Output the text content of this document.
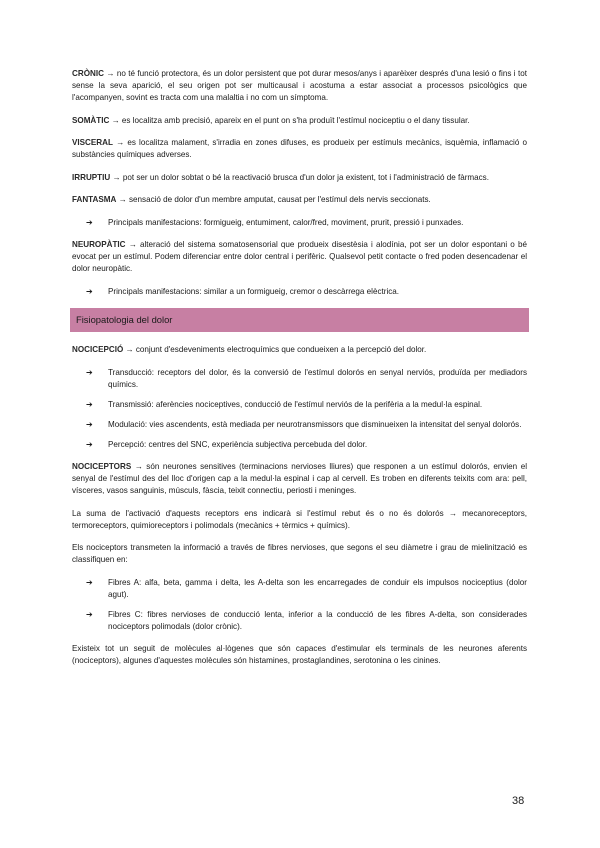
CRÒNIC → no té funció protectora, és un dolor persistent que pot durar mesos/anys i aparèixer després d'una lesió o fins i tot sense la seva aparició, el seu origen pot ser multicausal i acostuma a estar associat a processos psicològics que l'acompanyen, sovint es tracta com una malaltia i no com un símptoma.

SOMÀTIC → es localitza amb precisió, apareix en el punt on s'ha produït l'estímul nociceptiu o el dany tissular.

VISCERAL → es localitza malament, s'irradia en zones difuses, es produeix per estímuls mecànics, isquèmia, inflamació o substàncies químiques adverses.

IRRUPTIU → pot ser un dolor sobtat o bé la reactivació brusca d'un dolor ja existent, tot i l'administració de fàrmacs.

FANTASMA → sensació de dolor d'un membre amputat, causat per l'estímul dels nervis seccionats.

➔ Principals manifestacions: formigueig, entumiment, calor/fred, moviment, prurit, pressió i punxades.

NEUROPÀTIC → alteració del sistema somatosensorial que produeix disestèsia i alodínia, pot ser un dolor espontani o bé evocat per un estímul. Podem diferenciar entre dolor central i perifèric. Qualsevol petit contacte o fred poden desencadenar el dolor neuropàtic.

➔ Principals manifestacions: similar a un formigueig, cremor o descàrrega elèctrica.
Fisiopatologia del dolor

NOCICEPCIÓ → conjunt d'esdeveniments electroquímics que condueixen a la percepció del dolor.

➔ Transducció: receptors del dolor, és la conversió de l'estímul dolorós en senyal nerviós, produïda per mediadors químics.
➔ Transmissió: aferències nociceptives, conducció de l'estímul nerviós de la perifèria a la medul·la espinal.
➔ Modulació: vies ascendents, està mediada per neurotransmissors que disminueixen la intensitat del senyal dolorós.
➔ Percepció: centres del SNC, experiència subjectiva percebuda del dolor.

NOCICEPTORS → són neurones sensitives (terminacions nervioses lliures) que responen a un estímul dolorós, envien el senyal de l'estímul des del lloc d'origen cap a la medul·la espinal i cap al cervell. Es troben en diferents teixits com ara: pell, vísceres, vasos sanguinis, músculs, fàscia, teixit connectiu, periosti i meninges.

La suma de l'activació d'aquests receptors ens indicarà si l'estímul rebut és o no és dolorós → mecanoreceptors, termoreceptors, quimioreceptors i polimodals (mecànics + tèrmics + químics).

Els nociceptors transmeten la informació a través de fibres nervioses, que segons el seu diàmetre i grau de mielinització es classifiquen en:

➔ Fibres A: alfa, beta, gamma i delta, les A-delta son les encarregades de conduir els impulsos nociceptius (dolor agut).
➔ Fibres C: fibres nervioses de conducció lenta, inferior a la conducció de les fibres A-delta, son considerades nociceptors polimodals (dolor crònic).

Existeix tot un seguit de molècules al·lògenes que són capaces d'estimular els terminals de les neurones aferents (nociceptors), algunes d'aquestes molècules són histamines, prostaglandines, serotonina o les cinines.

38
